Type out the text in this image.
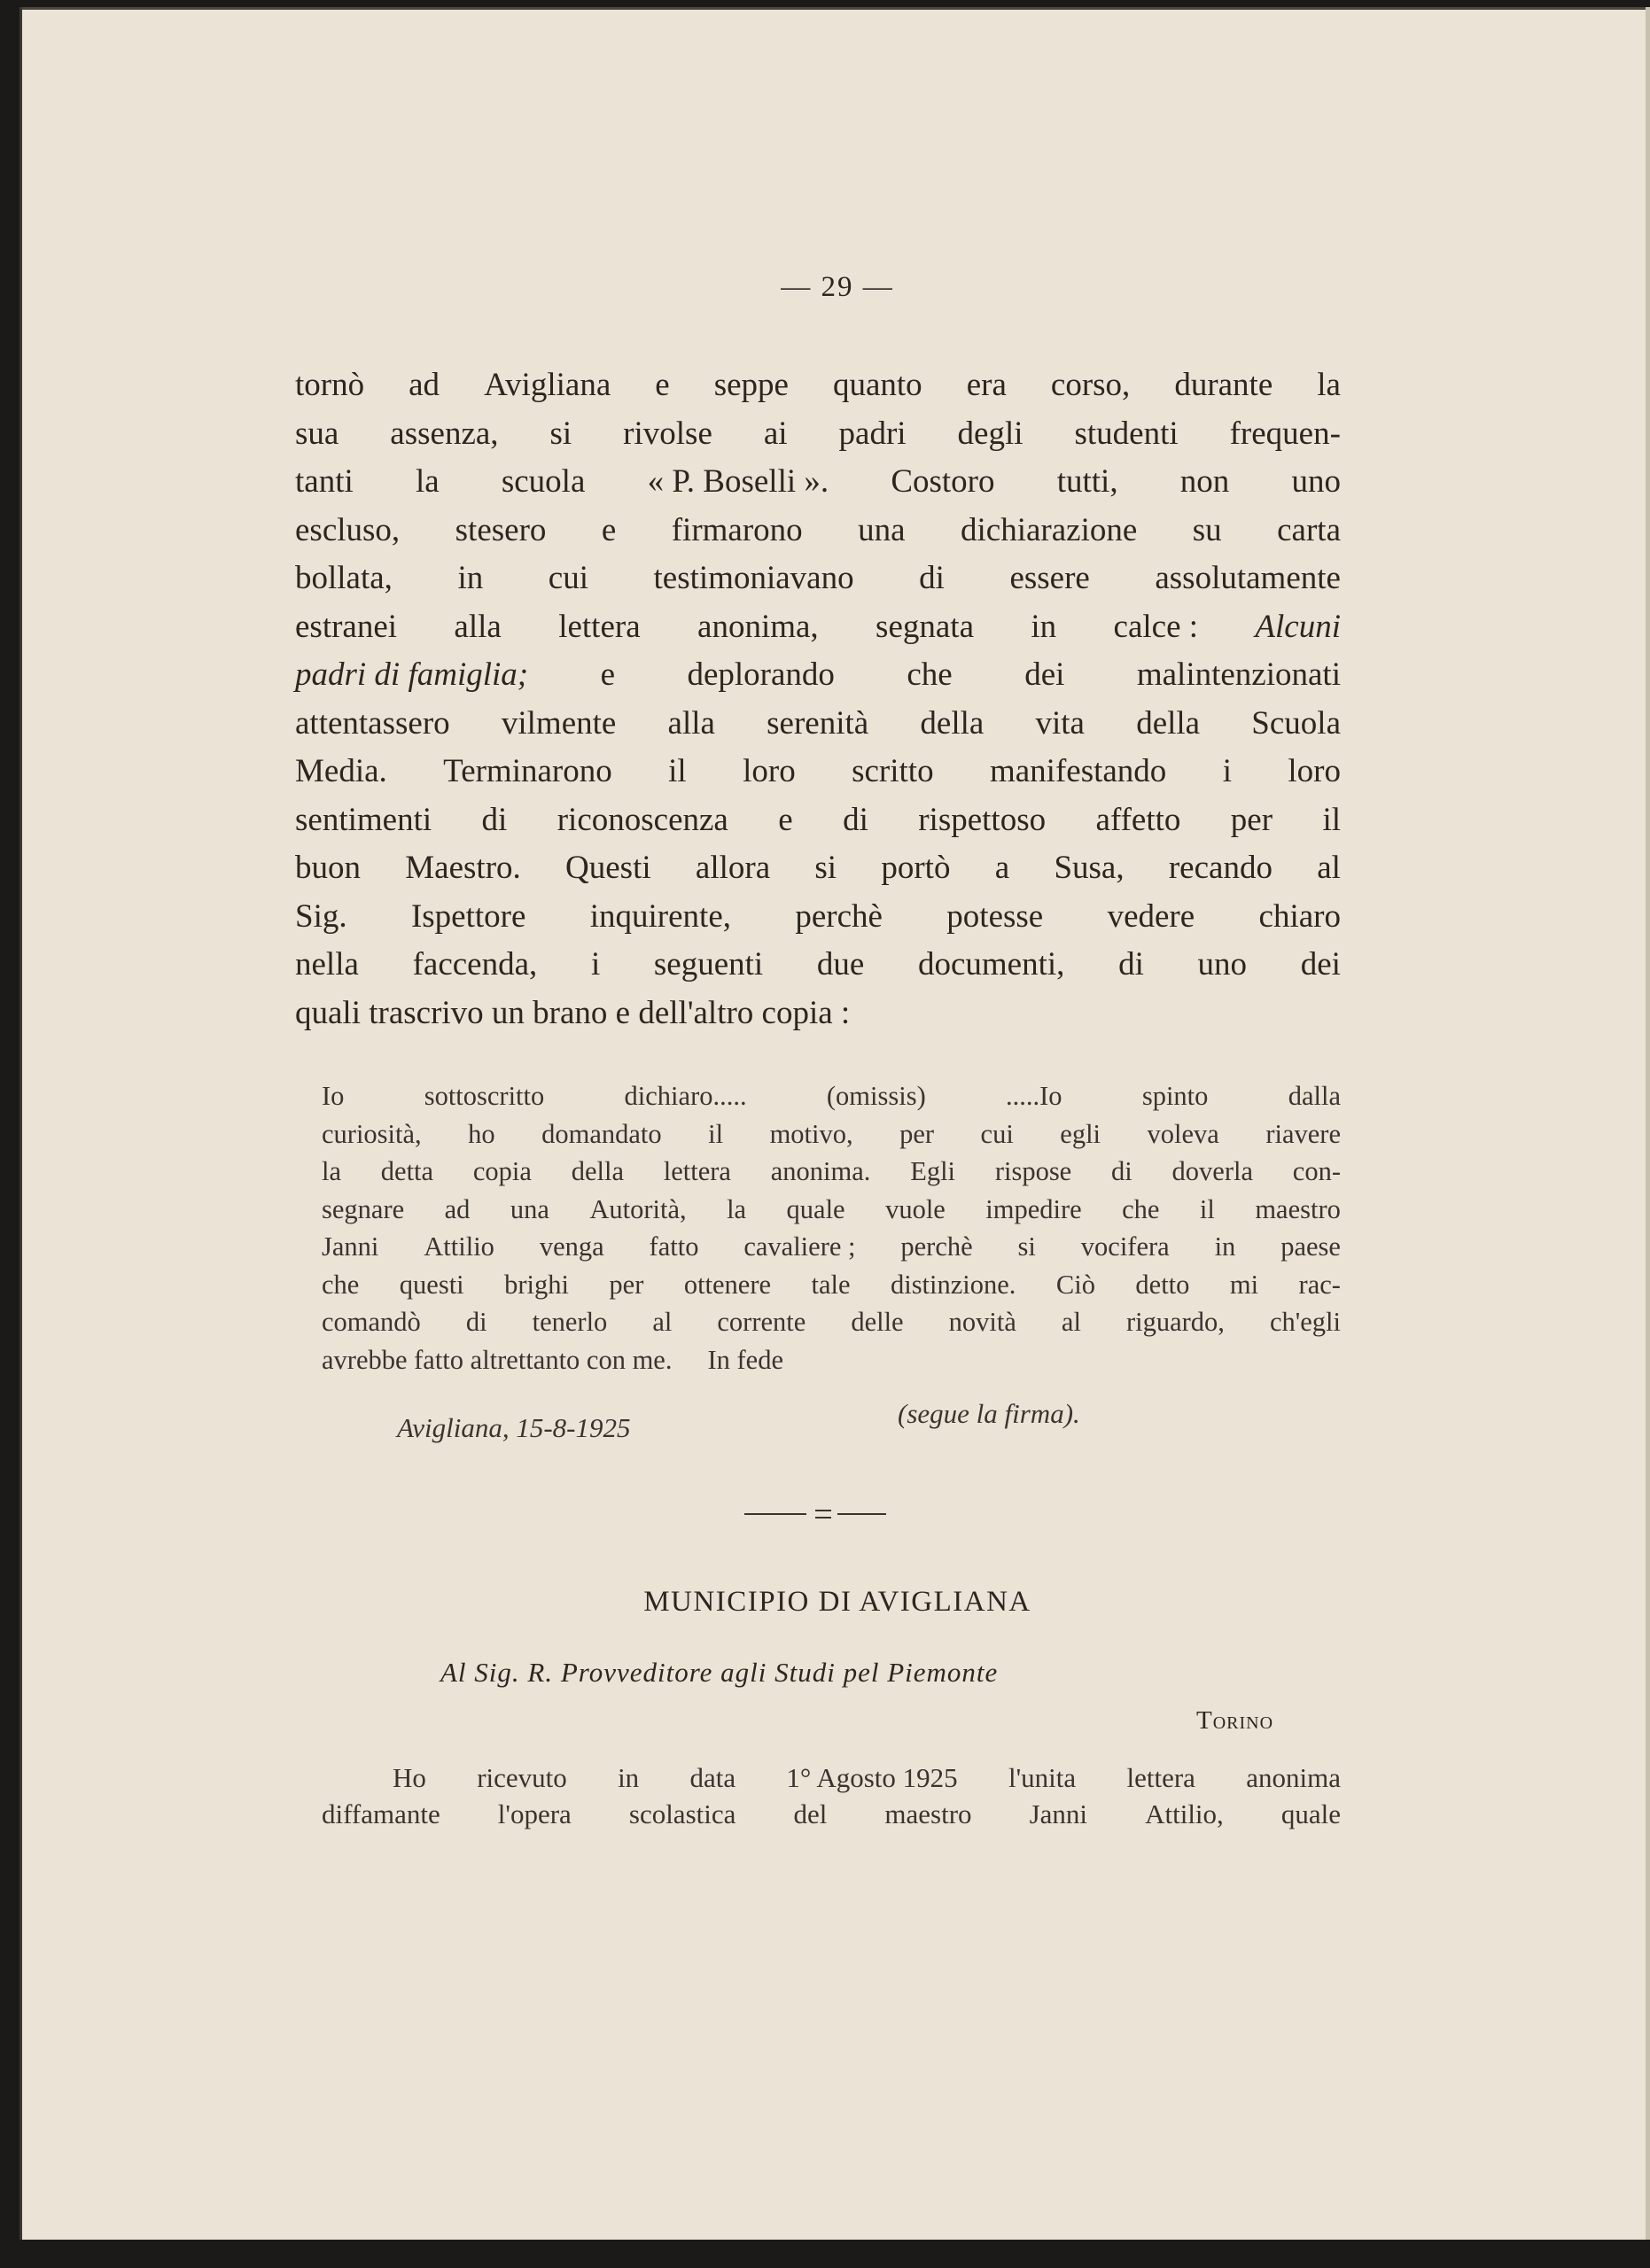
— 29 —
tornò ad Avigliana e seppe quanto era corso, durante la
sua assenza, si rivolse ai padri degli studenti frequen-
tanti la scuola « P. Boselli ». Costoro tutti, non uno
escluso, stesero e firmarono una dichiarazione su carta
bollata, in cui testimoniavano di essere assolutamente
estranei alla lettera anonima, segnata in calce : Alcuni
padri di famiglia; e deplorando che dei malintenzionati
attentassero vilmente alla serenità della vita della Scuola
Media. Terminarono il loro scritto manifestando i loro
sentimenti di riconoscenza e di rispettoso affetto per il
buon Maestro. Questi allora si portò a Susa, recando al
Sig. Ispettore inquirente, perchè potesse vedere chiaro
nella faccenda, i seguenti due documenti, di uno dei
quali trascrivo un brano e dell'altro copia :
Io	sottoscritto	dichiaro.....	(omissis)	.....Io	spinto	dalla
curiosità, ho domandato il motivo, per cui egli voleva riavere
la detta copia della lettera anonima. Egli rispose di doverla con-
segnare ad una Autorità, la quale vuole impedire che il maestro
Janni Attilio venga fatto cavaliere ; perchè si vocifera in paese
che questi brighi per ottenere tale distinzione. Ciò detto mi rac-
comandò di tenerlo al corrente delle novità al riguardo, ch'egli
avrebbe fatto altrettanto con me. In fede
Avigliana, 15-8-1925	(segue la firma).
MUNICIPIO DI AVIGLIANA
Al Sig. R. Provveditore agli Studi pel Piemonte
Torino
Ho ricevuto in data 1° Agosto 1925 l'unita lettera anonima
diffamante l'opera scolastica del maestro Janni Attilio, quale
